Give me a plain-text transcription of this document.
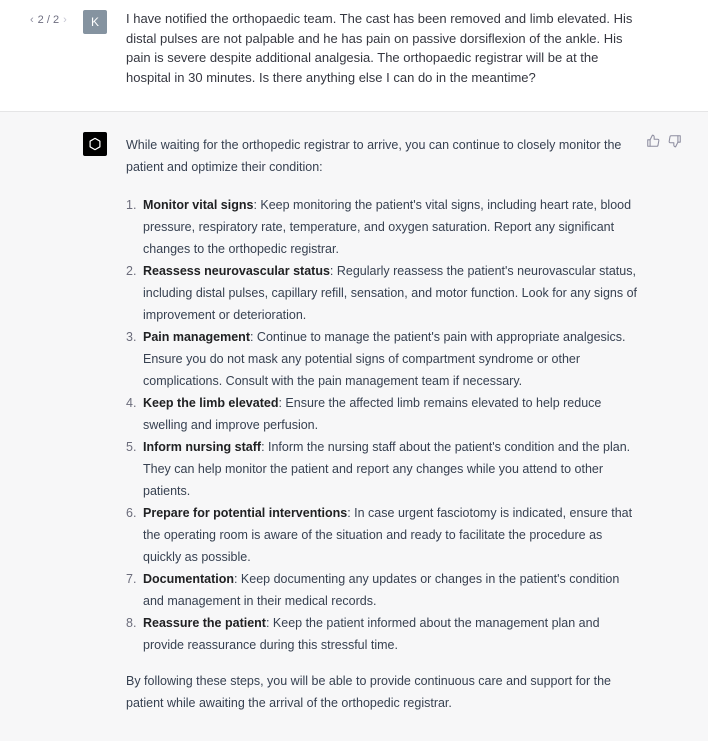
‹ 2 / 2 ›	K	I have notified the orthopaedic team. The cast has been removed and limb elevated. His distal pulses are not palpable and he has pain on passive dorsiflexion of the ankle. His pain is severe despite additional analgesia. The orthopaedic registrar will be at the hospital in 30 minutes. Is there anything else I can do in the meantime?

While waiting for the orthopedic registrar to arrive, you can continue to closely monitor the patient and optimize their condition:

1. Monitor vital signs: Keep monitoring the patient's vital signs, including heart rate, blood pressure, respiratory rate, temperature, and oxygen saturation. Report any significant changes to the orthopedic registrar.
2. Reassess neurovascular status: Regularly reassess the patient's neurovascular status, including distal pulses, capillary refill, sensation, and motor function. Look for any signs of improvement or deterioration.
3. Pain management: Continue to manage the patient's pain with appropriate analgesics. Ensure you do not mask any potential signs of compartment syndrome or other complications. Consult with the pain management team if necessary.
4. Keep the limb elevated: Ensure the affected limb remains elevated to help reduce swelling and improve perfusion.
5. Inform nursing staff: Inform the nursing staff about the patient's condition and the plan. They can help monitor the patient and report any changes while you attend to other patients.
6. Prepare for potential interventions: In case urgent fasciotomy is indicated, ensure that the operating room is aware of the situation and ready to facilitate the procedure as quickly as possible.
7. Documentation: Keep documenting any updates or changes in the patient's condition and management in their medical records.
8. Reassure the patient: Keep the patient informed about the management plan and provide reassurance during this stressful time.

By following these steps, you will be able to provide continuous care and support for the patient while awaiting the arrival of the orthopedic registrar.
